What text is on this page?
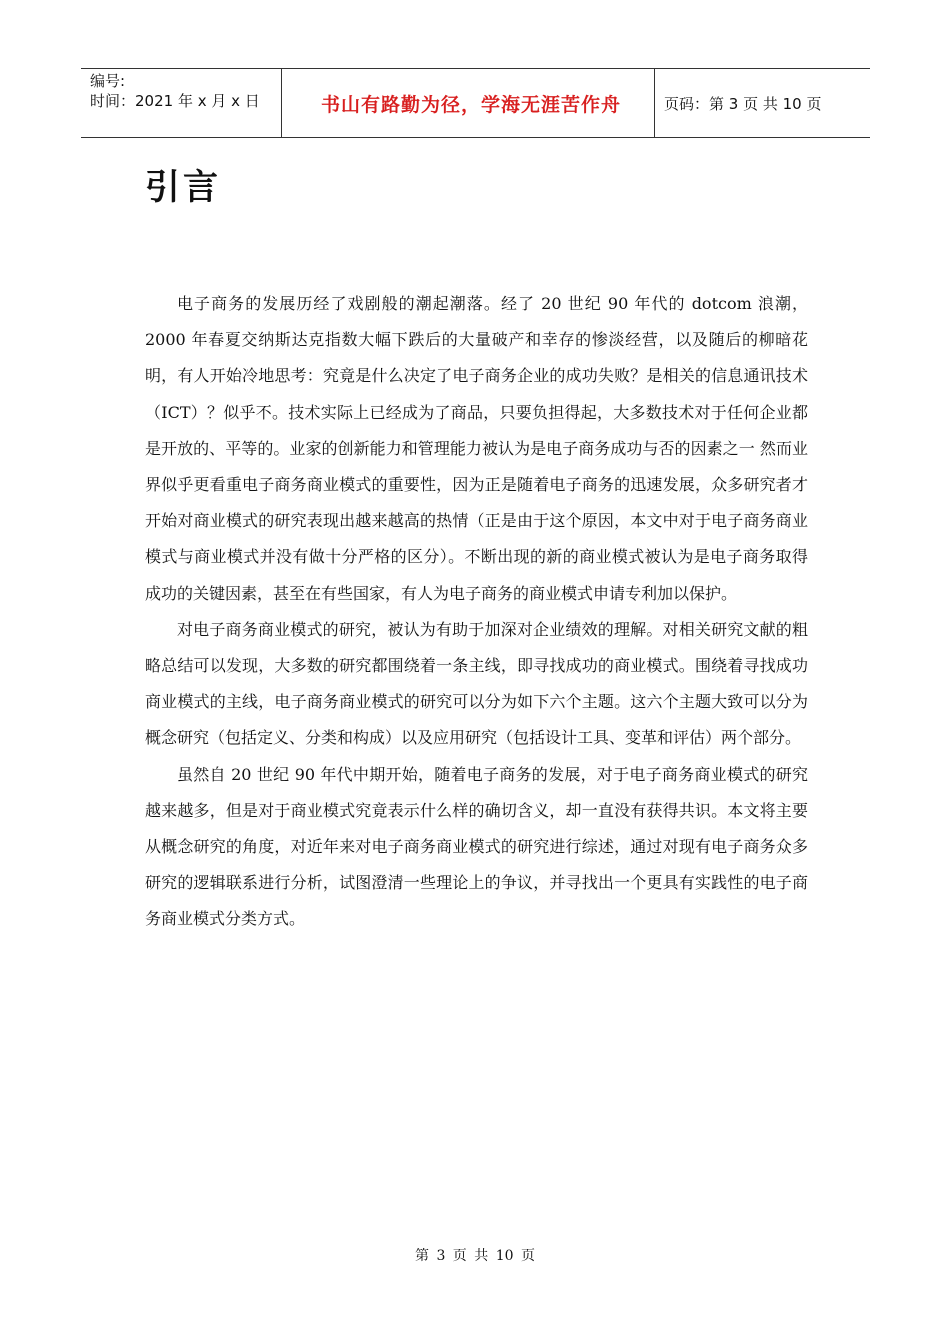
编号:
时间：2021 年 x 月 x 日	书山有路勤为径，学海无涯苦作舟	页码：第 3 页 共 10 页
引言

电子商务的发展历经了戏剧般的潮起潮落。经了 20 世纪 90 年代的 dotcom 浪潮，2000 年春夏交纳斯达克指数大幅下跌后的大量破产和幸存的惨淡经营，以及随后的柳暗花明，有人开始冷地思考：究竟是什么决定了电子商务企业的成功失败？是相关的信息通讯技术（ICT）？似乎不。技术实际上已经成为了商品，只要负担得起，大多数技术对于任何企业都是开放的、平等的。业家的创新能力和管理能力被认为是电子商务成功与否的因素之一 然而业界似乎更看重电子商务商业模式的重要性，因为正是随着电子商务的迅速发展，众多研究者才开始对商业模式的研究表现出越来越高的热情（正是由于这个原因，本文中对于电子商务商业模式与商业模式并没有做十分严格的区分）。不断出现的新的商业模式被认为是电子商务取得成功的关键因素，甚至在有些国家，有人为电子商务的商业模式申请专利加以保护。

对电子商务商业模式的研究，被认为有助于加深对企业绩效的理解。对相关研究文献的粗略总结可以发现，大多数的研究都围绕着一条主线，即寻找成功的商业模式。围绕着寻找成功商业模式的主线，电子商务商业模式的研究可以分为如下六个主题。这六个主题大致可以分为概念研究（包括定义、分类和构成）以及应用研究（包括设计工具、变革和评估）两个部分。

虽然自 20 世纪 90 年代中期开始，随着电子商务的发展，对于电子商务商业模式的研究越来越多，但是对于商业模式究竟表示什么样的确切含义，却一直没有获得共识。本文将主要从概念研究的角度，对近年来对电子商务商业模式的研究进行综述，通过对现有电子商务众多研究的逻辑联系进行分析，试图澄清一些理论上的争议，并寻找出一个更具有实践性的电子商务商业模式分类方式。

第 3 页 共 10 页
